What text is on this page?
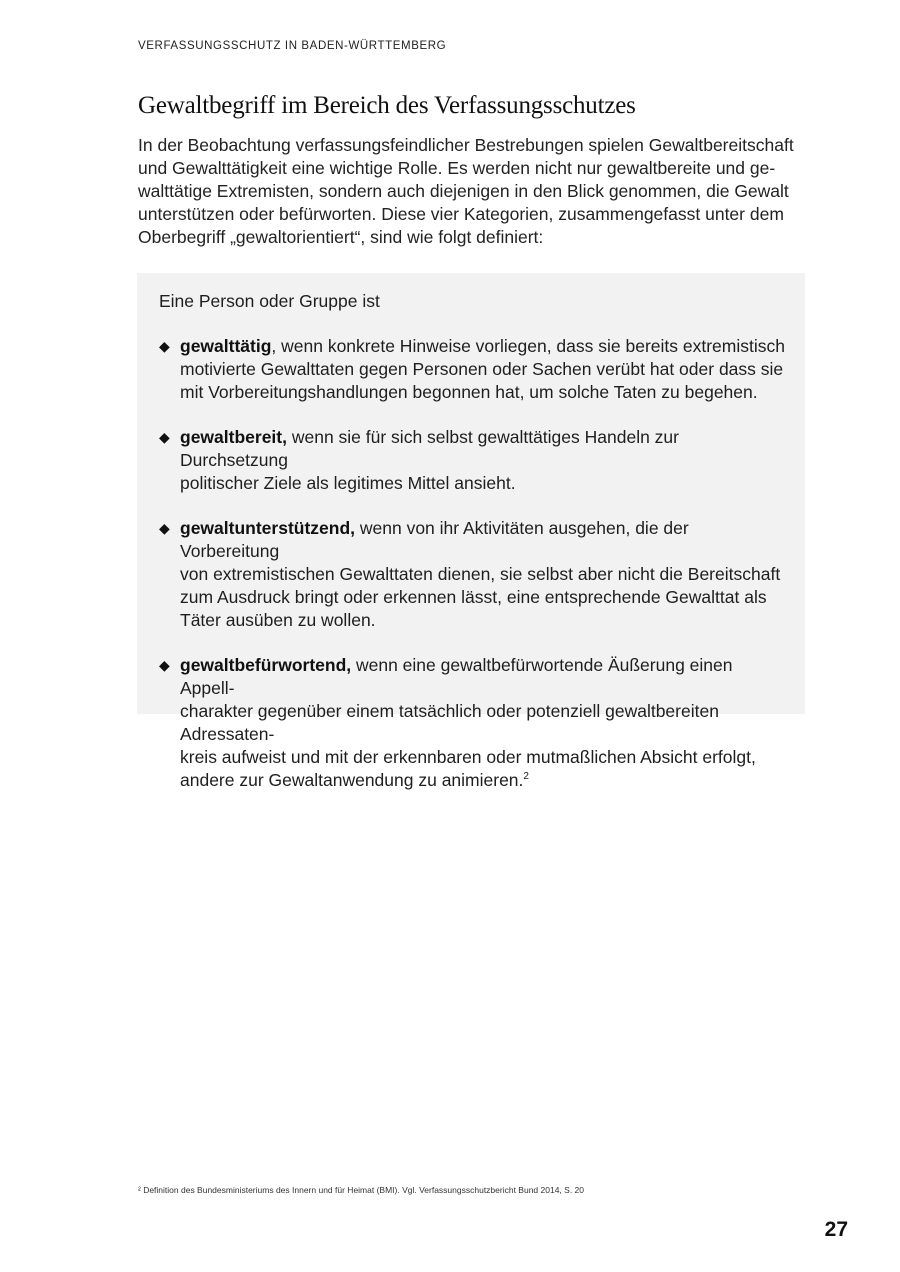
VERFASSUNGSSCHUTZ IN BADEN-WÜRTTEMBERG
Gewaltbegriff im Bereich des Verfassungsschutzes

In der Beobachtung verfassungsfeindlicher Bestrebungen spielen Gewaltbereitschaft
und Gewalttätigkeit eine wichtige Rolle. Es werden nicht nur gewaltbereite und ge-
walttätige Extremisten, sondern auch diejenigen in den Blick genommen, die Gewalt
unterstützen oder befürworten. Diese vier Kategorien, zusammengefasst unter dem
Oberbegriff „gewaltorientiert“, sind wie folgt definiert:

Eine Person oder Gruppe ist

◆ gewalttätig, wenn konkrete Hinweise vorliegen, dass sie bereits extremistisch
motivierte Gewalttaten gegen Personen oder Sachen verübt hat oder dass sie
mit Vorbereitungshandlungen begonnen hat, um solche Taten zu begehen.
◆ gewaltbereit, wenn sie für sich selbst gewalttätiges Handeln zur Durchsetzung
politischer Ziele als legitimes Mittel ansieht.
◆ gewaltunterstützend, wenn von ihr Aktivitäten ausgehen, die der Vorbereitung
von extremistischen Gewalttaten dienen, sie selbst aber nicht die Bereitschaft
zum Ausdruck bringt oder erkennen lässt, eine entsprechende Gewalttat als
Täter ausüben zu wollen.
◆ gewaltbefürwortend, wenn eine gewaltbefürwortende Äußerung einen Appell-
charakter gegenüber einem tatsächlich oder potenziell gewaltbereiten Adressaten-
kreis aufweist und mit der erkennbaren oder mutmaßlichen Absicht erfolgt,
andere zur Gewaltanwendung zu animieren.$^2$
² Definition des Bundesministeriums des Innern und für Heimat (BMI). Vgl. Verfassungsschutzbericht Bund 2014, S. 20
27
